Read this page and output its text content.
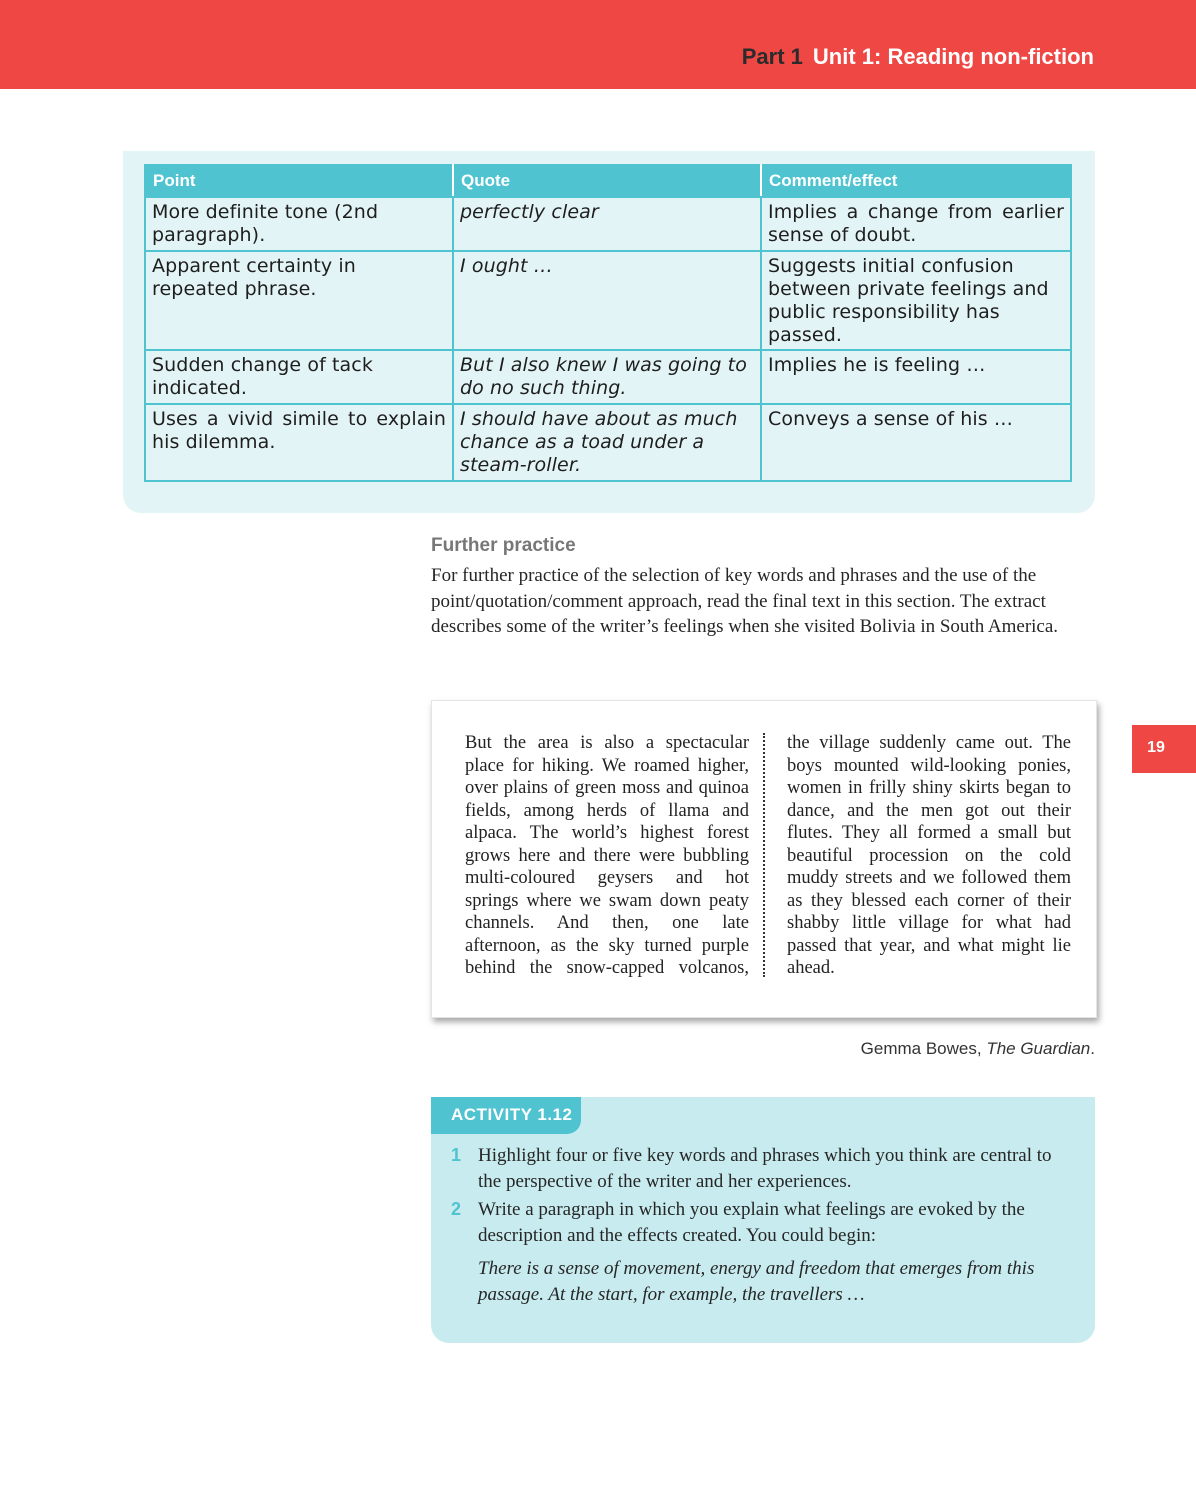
Part 1 Unit 1: Reading non-fiction
Point	Quote	Comment/effect
More definite tone (2nd paragraph).	perfectly clear	Implies a change from earlier sense of doubt.
Apparent certainty in repeated phrase.	I ought …	Suggests initial confusion between private feelings and public responsibility has passed.
Sudden change of tack indicated.	But I also knew I was going to do no such thing.	Implies he is feeling …
Uses a vivid simile to explain his dilemma.	I should have about as much chance as a toad under a steam-roller.	Conveys a sense of his …
Further practice
For further practice of the selection of key words and phrases and the use of the point/quotation/comment approach, read the final text in this section. The extract describes some of the writer’s feelings when she visited Bolivia in South America.
But the area is also a spectacular place for hiking. We roamed higher, over plains of green moss and quinoa fields, among herds of llama and alpaca. The world’s highest forest grows here and there were bubbling multi-coloured geysers and hot springs where we swam down peaty channels. And then, one late afternoon, as the sky turned purple behind the snow-capped volcanos,
the village suddenly came out. The boys mounted wild-looking ponies, women in frilly shiny skirts began to dance, and the men got out their flutes. They all formed a small but beautiful procession on the cold muddy streets and we followed them as they blessed each corner of their shabby little village for what had passed that year, and what might lie ahead.
19
Gemma Bowes, The Guardian.
ACTIVITY 1.12
1 Highlight four or five key words and phrases which you think are central to the perspective of the writer and her experiences.
2 Write a paragraph in which you explain what feelings are evoked by the description and the effects created. You could begin:
There is a sense of movement, energy and freedom that emerges from this passage. At the start, for example, the travellers …
